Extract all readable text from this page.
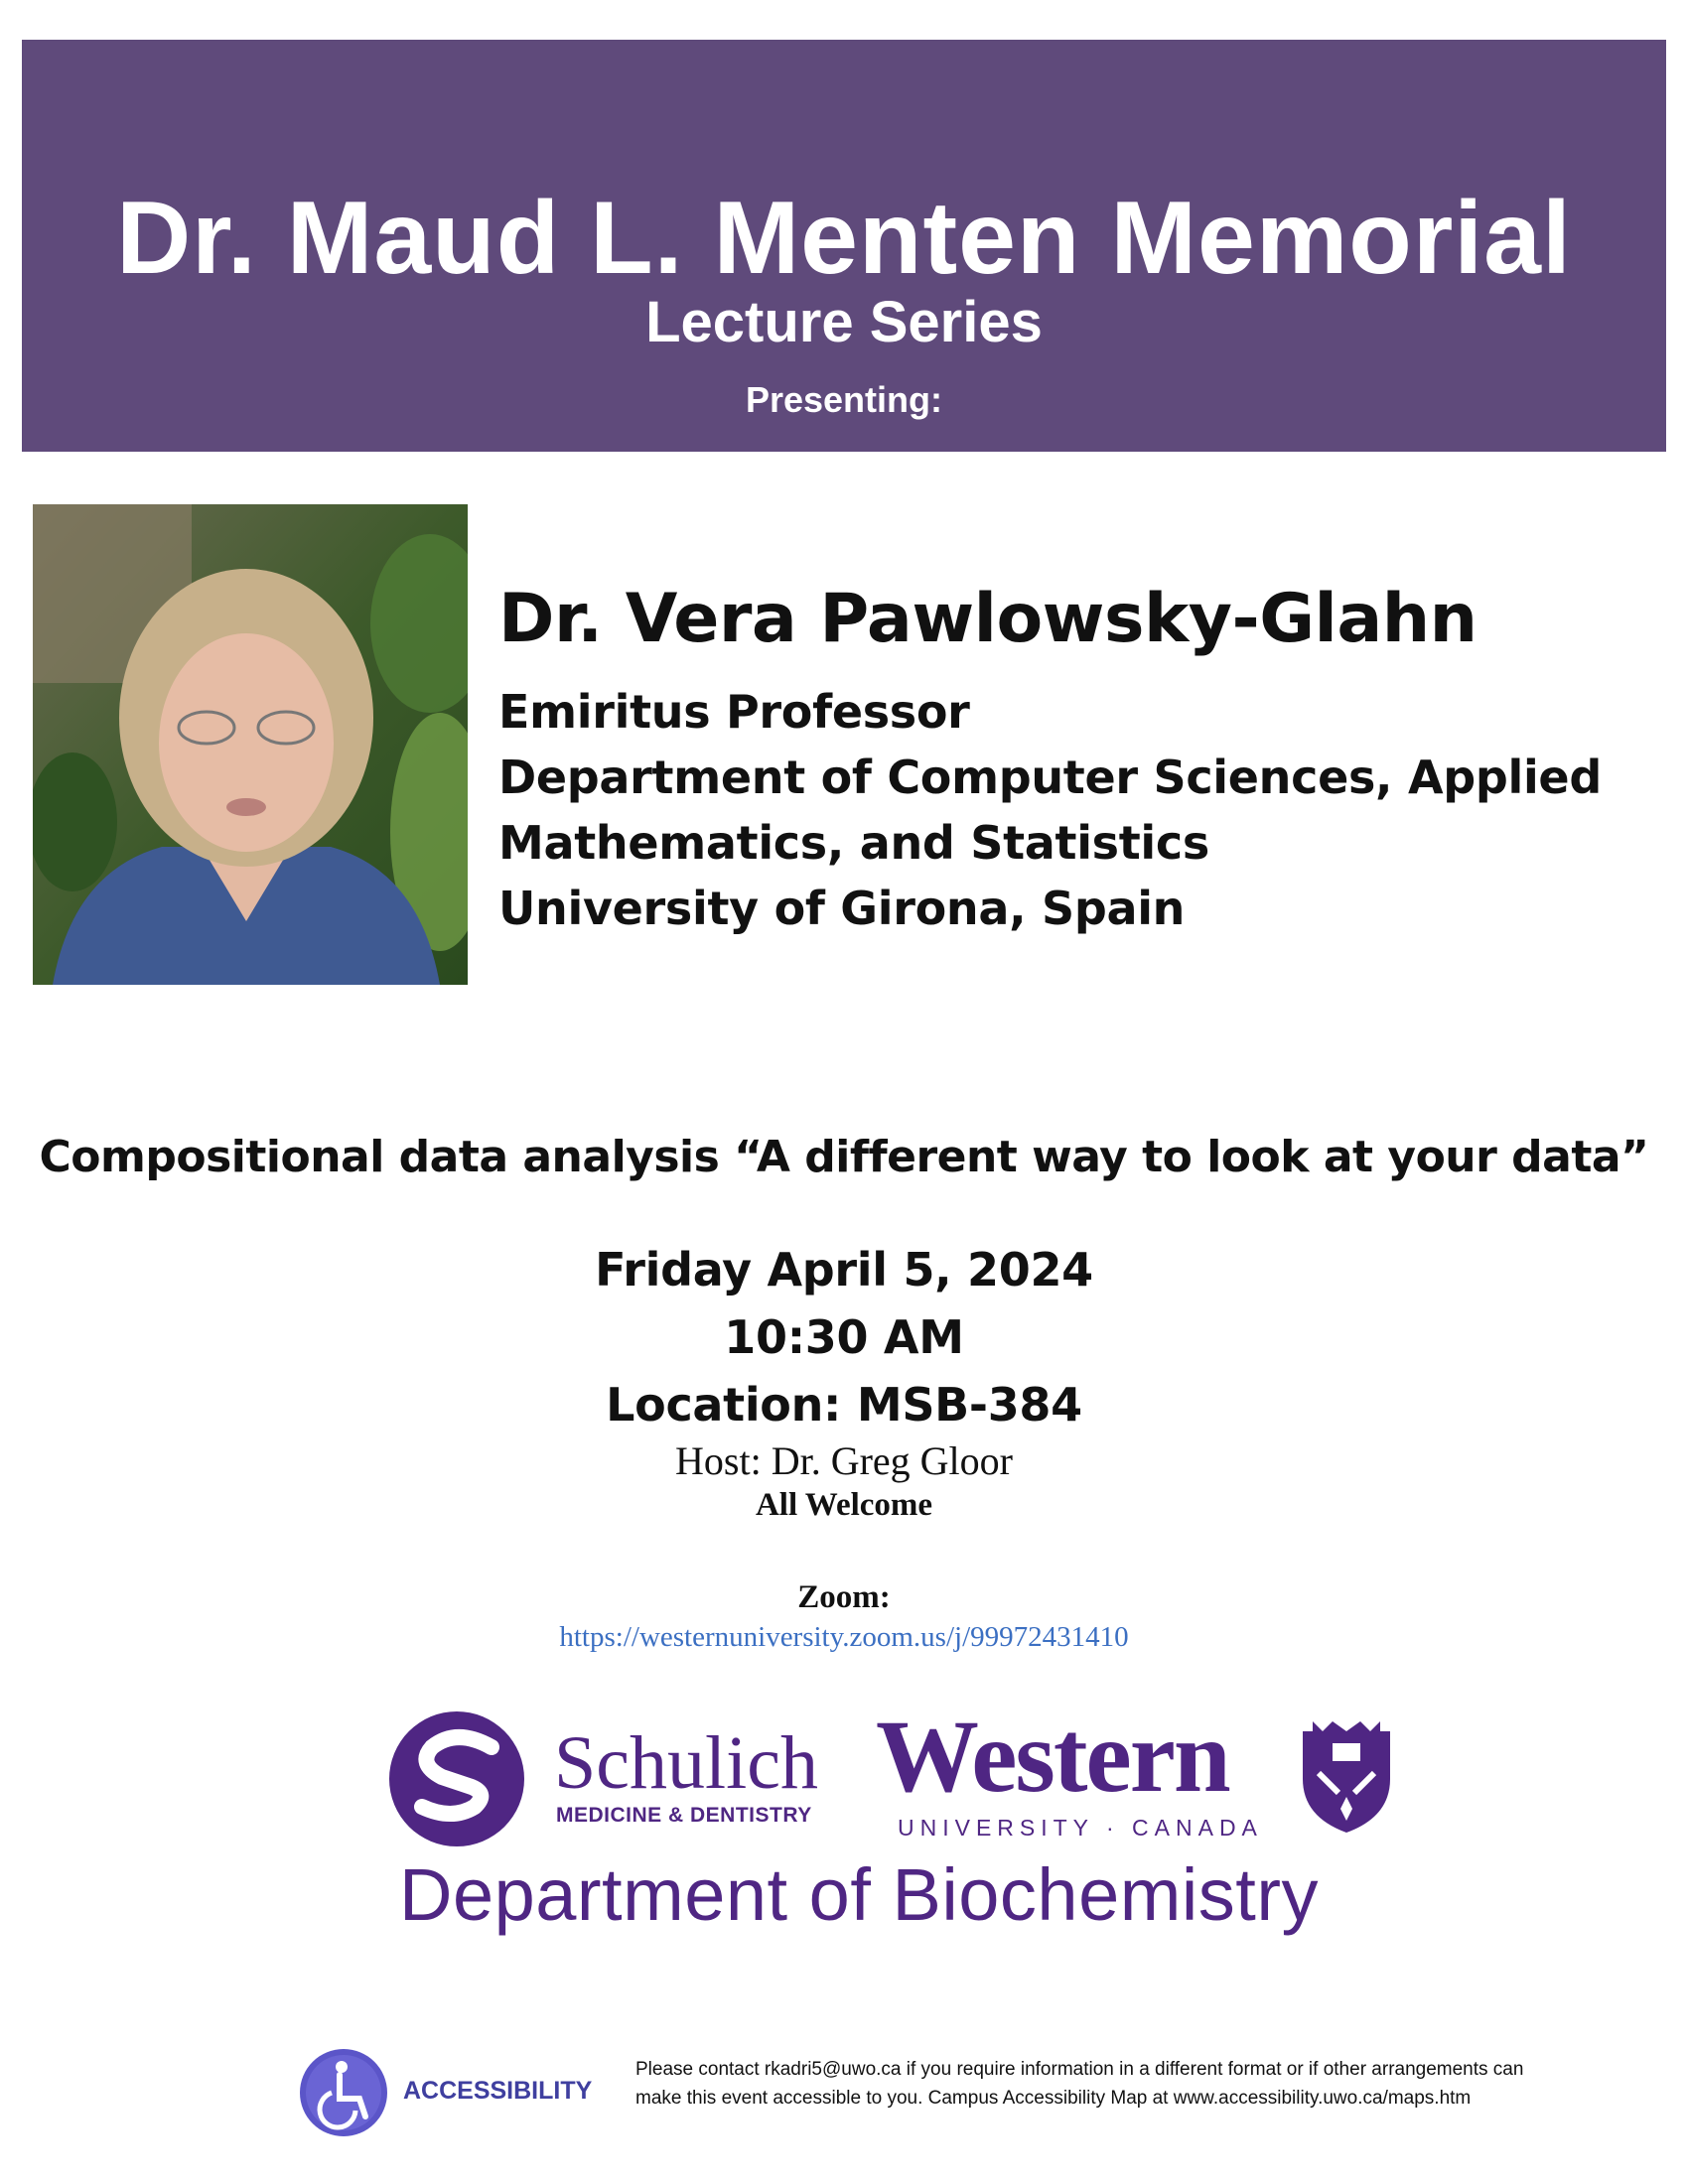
Dr. Maud L. Menten Memorial
Lecture Series
Presenting:
Dr. Vera Pawlowsky-Glahn
Emiritus Professor
Department of Computer Sciences, Applied
Mathematics, and Statistics
University of Girona, Spain
Compositional data analysis “A different way to look at your data”
Friday April 5, 2024
10:30 AM
Location: MSB-384
Host: Dr. Greg Gloor
All Welcome
Zoom:
https://westernuniversity.zoom.us/j/99972431410
Schulich
MEDICINE & DENTISTRY
Western
UNIVERSITY · CANADA
Department of Biochemistry
ACCESSIBILITY
Please contact rkadri5@uwo.ca if you require information in a different format or if other arrangements can make this event accessible to you. Campus Accessibility Map at www.accessibility.uwo.ca/maps.htm
